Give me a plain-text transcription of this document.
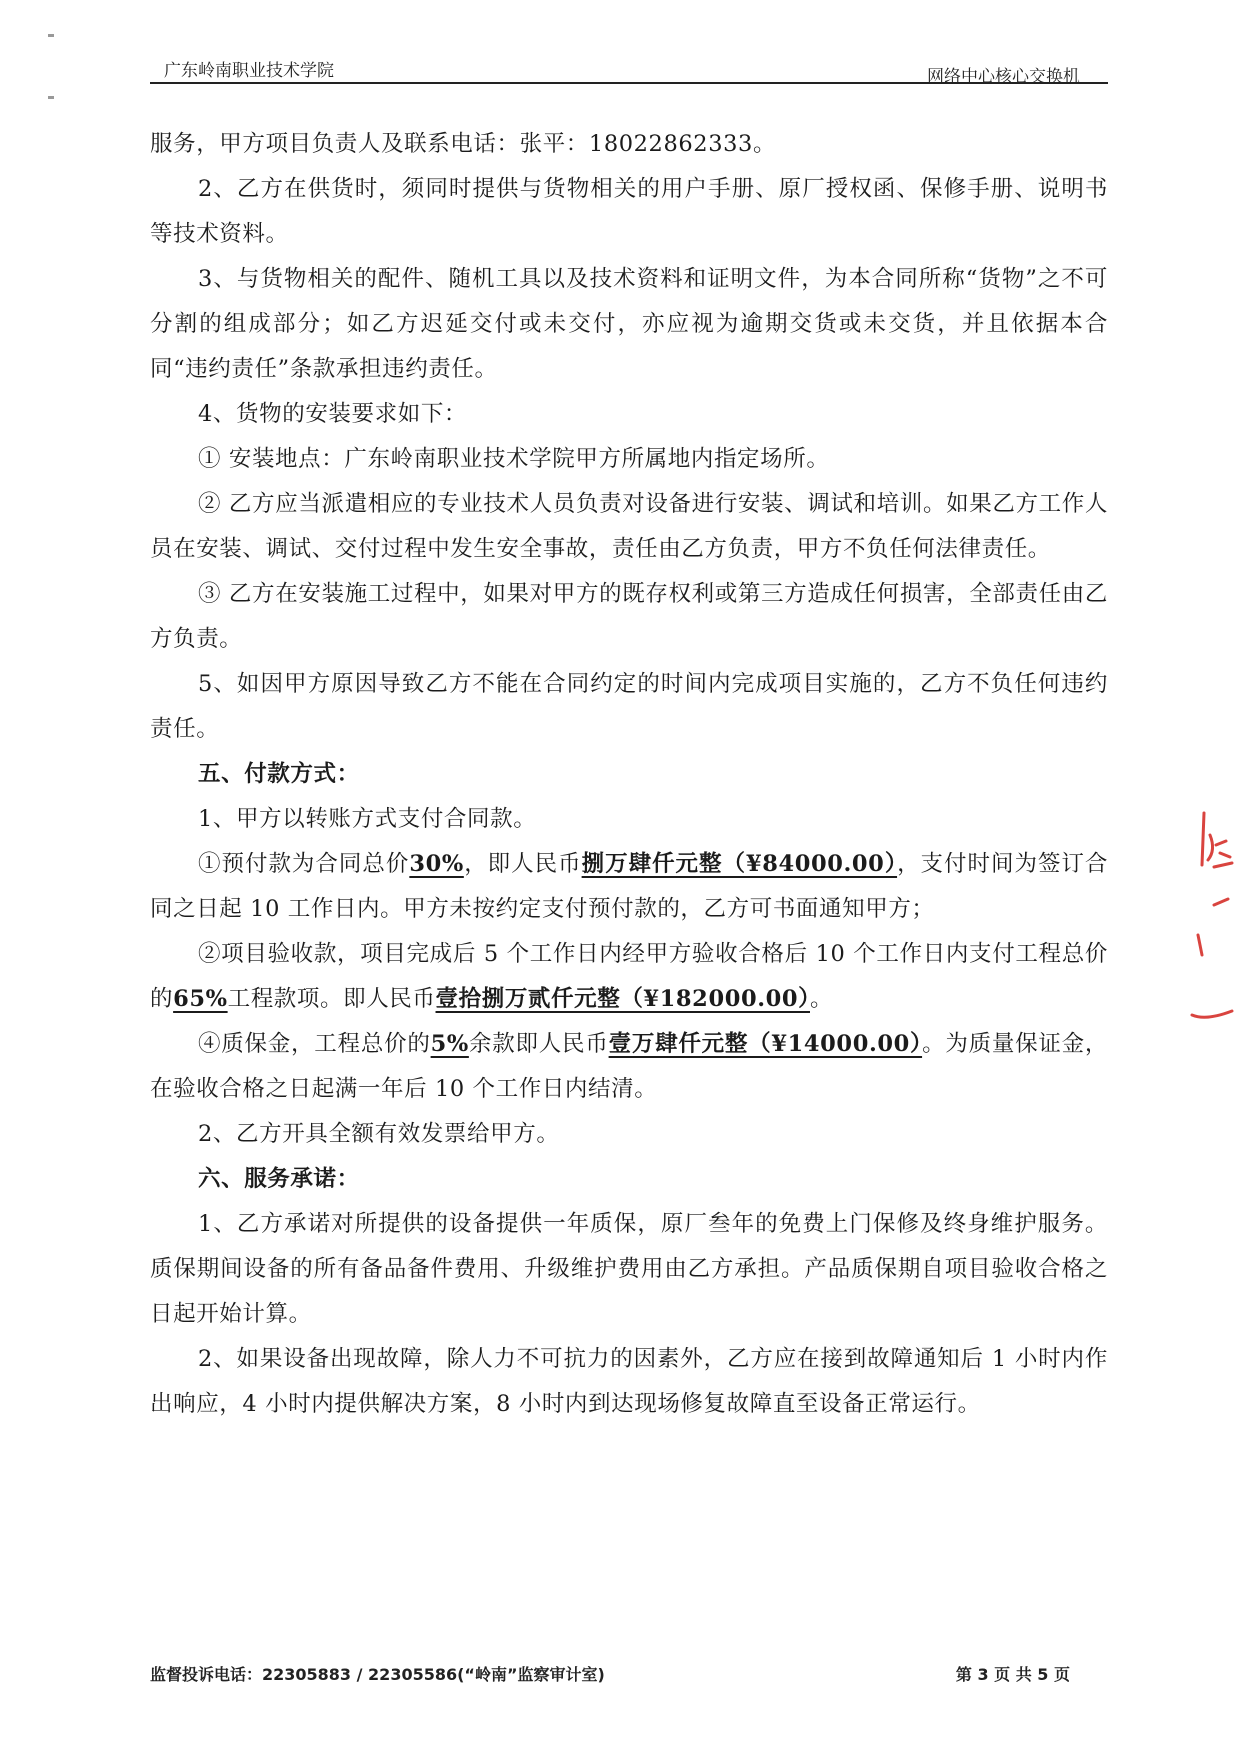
广东岭南职业技术学院	网络中心核心交换机

服务，甲方项目负责人及联系电话：张平：18022862333。

2、乙方在供货时，须同时提供与货物相关的用户手册、原厂授权函、保修手册、说明书等技术资料。

3、与货物相关的配件、随机工具以及技术资料和证明文件，为本合同所称“货物”之不可分割的组成部分；如乙方迟延交付或未交付，亦应视为逾期交货或未交货，并且依据本合同“违约责任”条款承担违约责任。

4、货物的安装要求如下：

① 安装地点：广东岭南职业技术学院甲方所属地内指定场所。

② 乙方应当派遣相应的专业技术人员负责对设备进行安装、调试和培训。如果乙方工作人员在安装、调试、交付过程中发生安全事故，责任由乙方负责，甲方不负任何法律责任。

③ 乙方在安装施工过程中，如果对甲方的既存权利或第三方造成任何损害，全部责任由乙方负责。

5、如因甲方原因导致乙方不能在合同约定的时间内完成项目实施的，乙方不负任何违约责任。

五、付款方式：

1、甲方以转账方式支付合同款。

①预付款为合同总价30%，即人民币捌万肆仟元整（¥84000.00），支付时间为签订合同之日起 10 工作日内。甲方未按约定支付预付款的，乙方可书面通知甲方；

②项目验收款，项目完成后 5 个工作日内经甲方验收合格后 10 个工作日内支付工程总价的65%工程款项。即人民币壹拾捌万贰仟元整（¥182000.00）。

④质保金，工程总价的5%余款即人民币壹万肆仟元整（¥14000.00）。为质量保证金，在验收合格之日起满一年后 10 个工作日内结清。

2、乙方开具全额有效发票给甲方。

六、服务承诺：

1、乙方承诺对所提供的设备提供一年质保，原厂叁年的免费上门保修及终身维护服务。质保期间设备的所有备品备件费用、升级维护费用由乙方承担。产品质保期自项目验收合格之日起开始计算。

2、如果设备出现故障，除人力不可抗力的因素外，乙方应在接到故障通知后 1 小时内作出响应，4 小时内提供解决方案，8 小时内到达现场修复故障直至设备正常运行。

监督投诉电话：22305883 / 22305586(“岭南”监察审计室)	第 3 页 共 5 页
